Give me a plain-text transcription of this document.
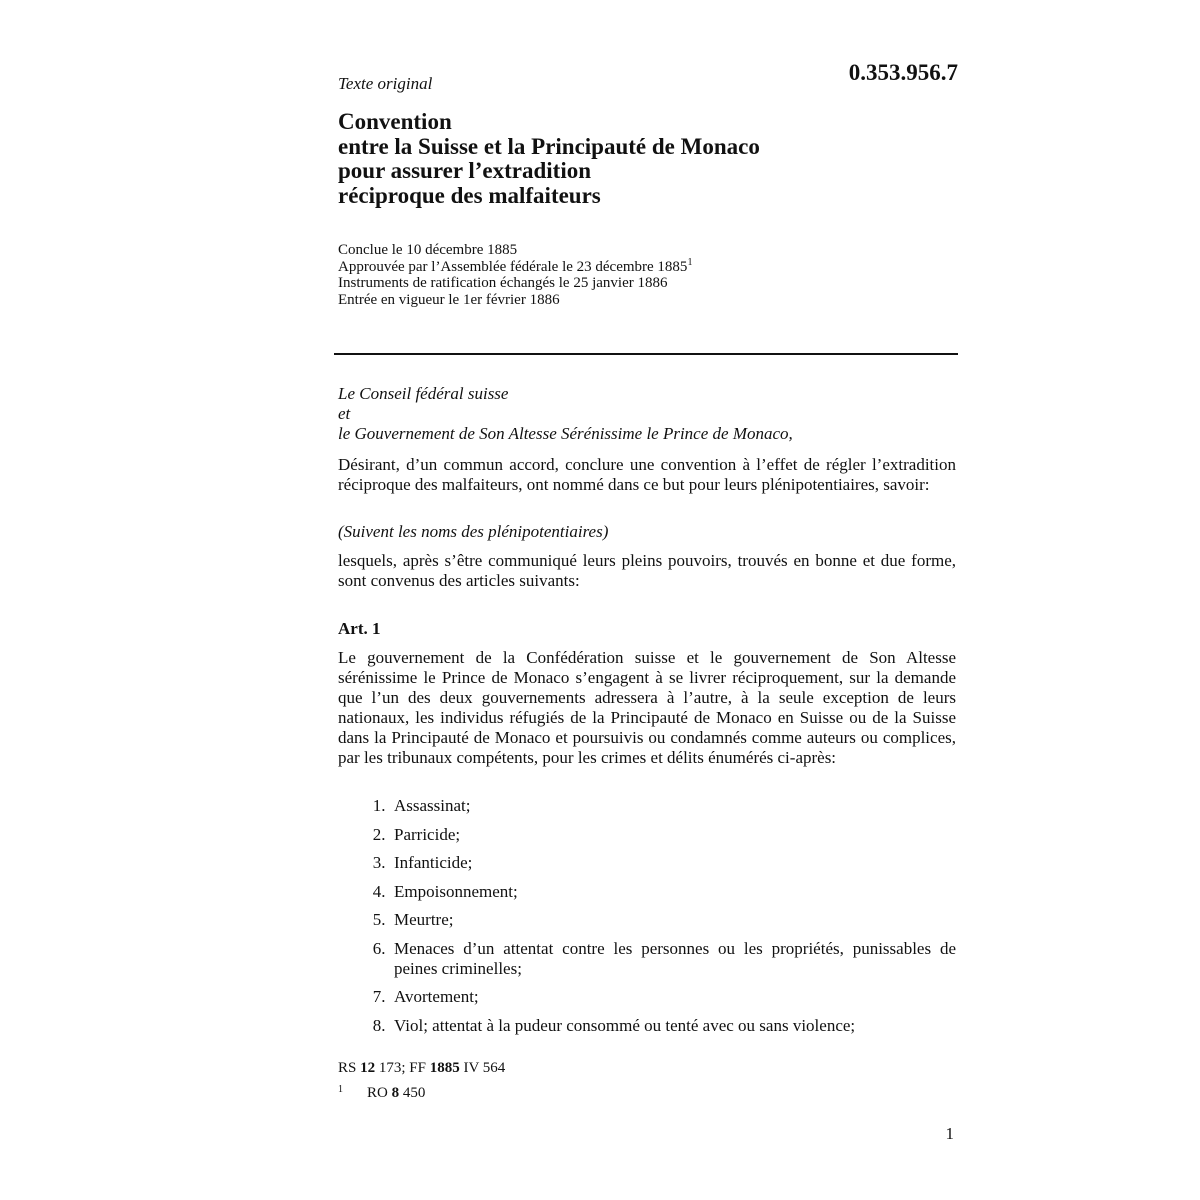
Texte original	0.353.956.7
Convention
entre la Suisse et la Principauté de Monaco
pour assurer l’extradition
réciproque des malfaiteurs
Conclue le 10 décembre 1885
Approuvée par l’Assemblée fédérale le 23 décembre 1885$^1$
Instruments de ratification échangés le 25 janvier 1886
Entrée en vigueur le 1er février 1886
Le Conseil fédéral suisse
et
le Gouvernement de Son Altesse Sérénissime le Prince de Monaco,
Désirant, d’un commun accord, conclure une convention à l’effet de régler l’extradition réciproque des malfaiteurs, ont nommé dans ce but pour leurs plénipotentiaires, savoir:
(Suivent les noms des plénipotentiaires)
lesquels, après s’être communiqué leurs pleins pouvoirs, trouvés en bonne et due forme, sont convenus des articles suivants:
Art. 1
Le gouvernement de la Confédération suisse et le gouvernement de Son Altesse sérénissime le Prince de Monaco s’engagent à se livrer réciproquement, sur la demande que l’un des deux gouvernements adressera à l’autre, à la seule exception de leurs nationaux, les individus réfugiés de la Principauté de Monaco en Suisse ou de la Suisse dans la Principauté de Monaco et poursuivis ou condamnés comme auteurs ou complices, par les tribunaux compétents, pour les crimes et délits énumérés ci-après:
1. Assassinat;
2. Parricide;
3. Infanticide;
4. Empoisonnement;
5. Meurtre;
6. Menaces d’un attentat contre les personnes ou les propriétés, punissables de peines criminelles;
7. Avortement;
8. Viol; attentat à la pudeur consommé ou tenté avec ou sans violence;
RS 12 173; FF 1885 IV 564
$^1$ RO 8 450
1
